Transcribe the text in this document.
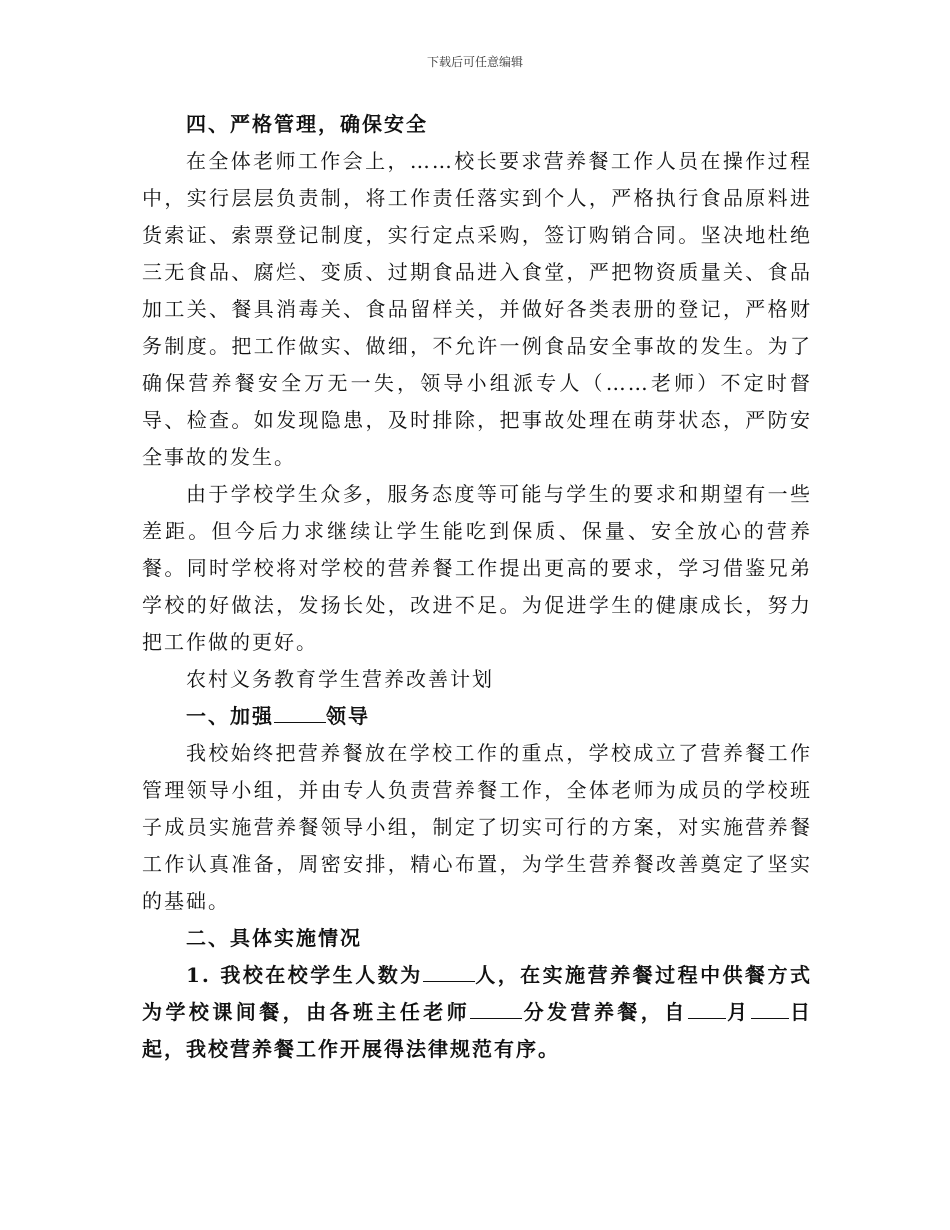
下载后可任意编辑

四、严格管理，确保安全

在全体老师工作会上，……校长要求营养餐工作人员在操作过程中，实行层层负责制，将工作责任落实到个人，严格执行食品原料进货索证、索票登记制度，实行定点采购，签订购销合同。坚决地杜绝三无食品、腐烂、变质、过期食品进入食堂，严把物资质量关、食品加工关、餐具消毒关、食品留样关，并做好各类表册的登记，严格财务制度。把工作做实、做细，不允许一例食品安全事故的发生。为了确保营养餐安全万无一失，领导小组派专人（……老师）不定时督导、检查。如发现隐患，及时排除，把事故处理在萌芽状态，严防安全事故的发生。

由于学校学生众多，服务态度等可能与学生的要求和期望有一些差距。但今后力求继续让学生能吃到保质、保量、安全放心的营养餐。同时学校将对学校的营养餐工作提出更高的要求，学习借鉴兄弟学校的好做法，发扬长处，改进不足。为促进学生的健康成长，努力把工作做的更好。

农村义务教育学生营养改善计划

一、加强	领导

我校始终把营养餐放在学校工作的重点，学校成立了营养餐工作管理领导小组，并由专人负责营养餐工作，全体老师为成员的学校班子成员实施营养餐领导小组，制定了切实可行的方案，对实施营养餐工作认真准备，周密安排，精心布置，为学生营养餐改善奠定了坚实的基础。

二、具体实施情况

1. 我校在校学生人数为	人，在实施营养餐过程中供餐方式为学校课间餐，由各班主任老师	分发营养餐，自 月 日起，我校营养餐工作开展得法律规范有序。
